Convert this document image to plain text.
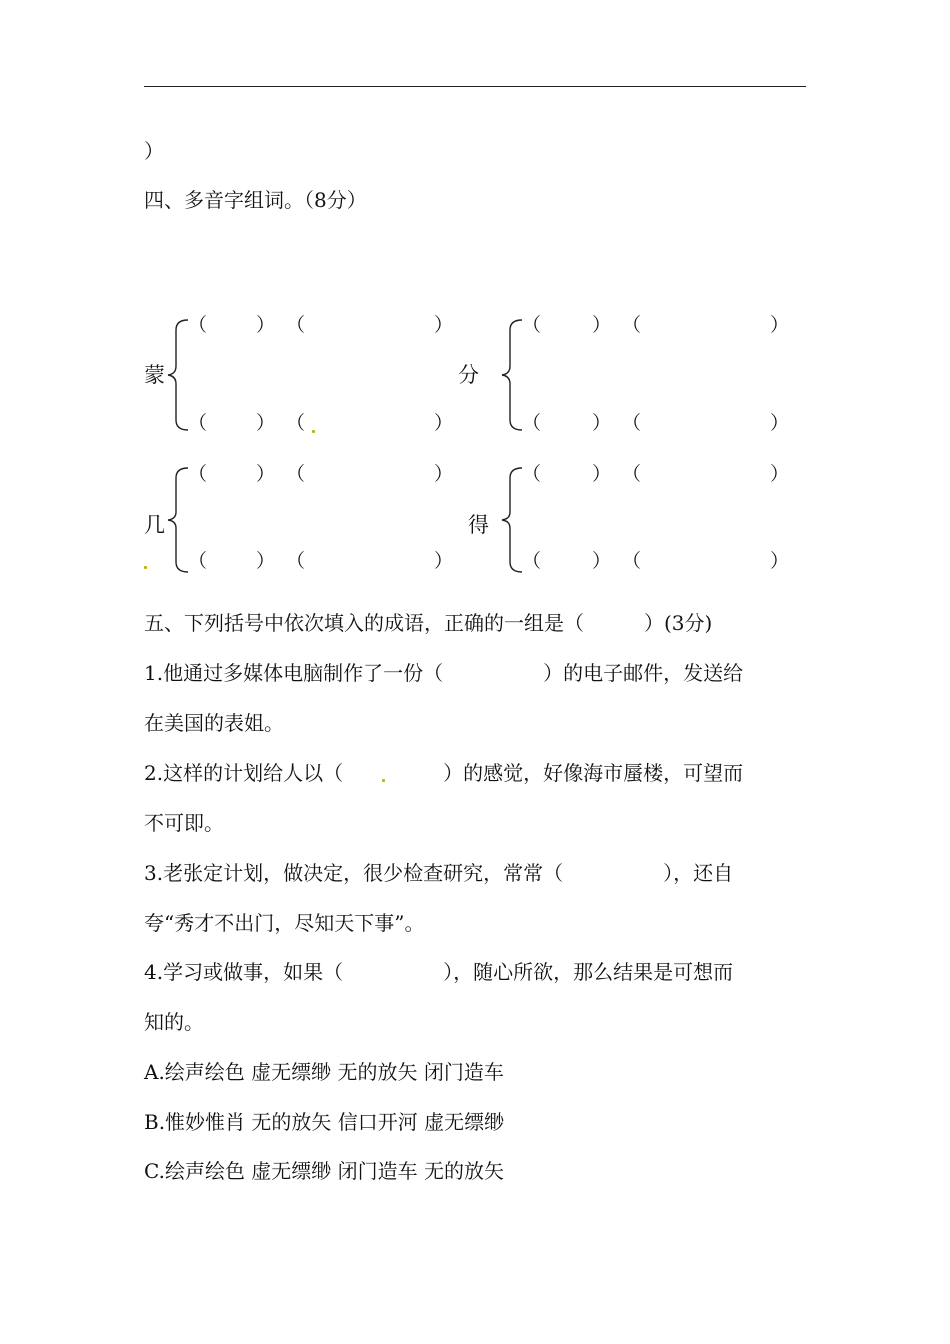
）
四、多音字组词。（8分）
蒙
（	） （	）
（	） （	）
分
（	） （	）
（	） （	）
几
（	） （	）
（	） （	）
得
（	） （	）
（	） （	）
五、下列括号中依次填入的成语，正确的一组是（　　　）(3分)
1.他通过多媒体电脑制作了一份（　　　　　）的电子邮件，发送给
在美国的表姐。
2.这样的计划给人以（　　　　　）的感觉，好像海市蜃楼，可望而
不可即。
3.老张定计划，做决定，很少检查研究，常常（　　　　　），还自
夸“秀才不出门，尽知天下事”。
4.学习或做事，如果（　　　　　），随心所欲，那么结果是可想而
知的。
A.绘声绘色 虚无缥缈 无的放矢 闭门造车
B.惟妙惟肖 无的放矢 信口开河 虚无缥缈
C.绘声绘色 虚无缥缈 闭门造车 无的放矢
